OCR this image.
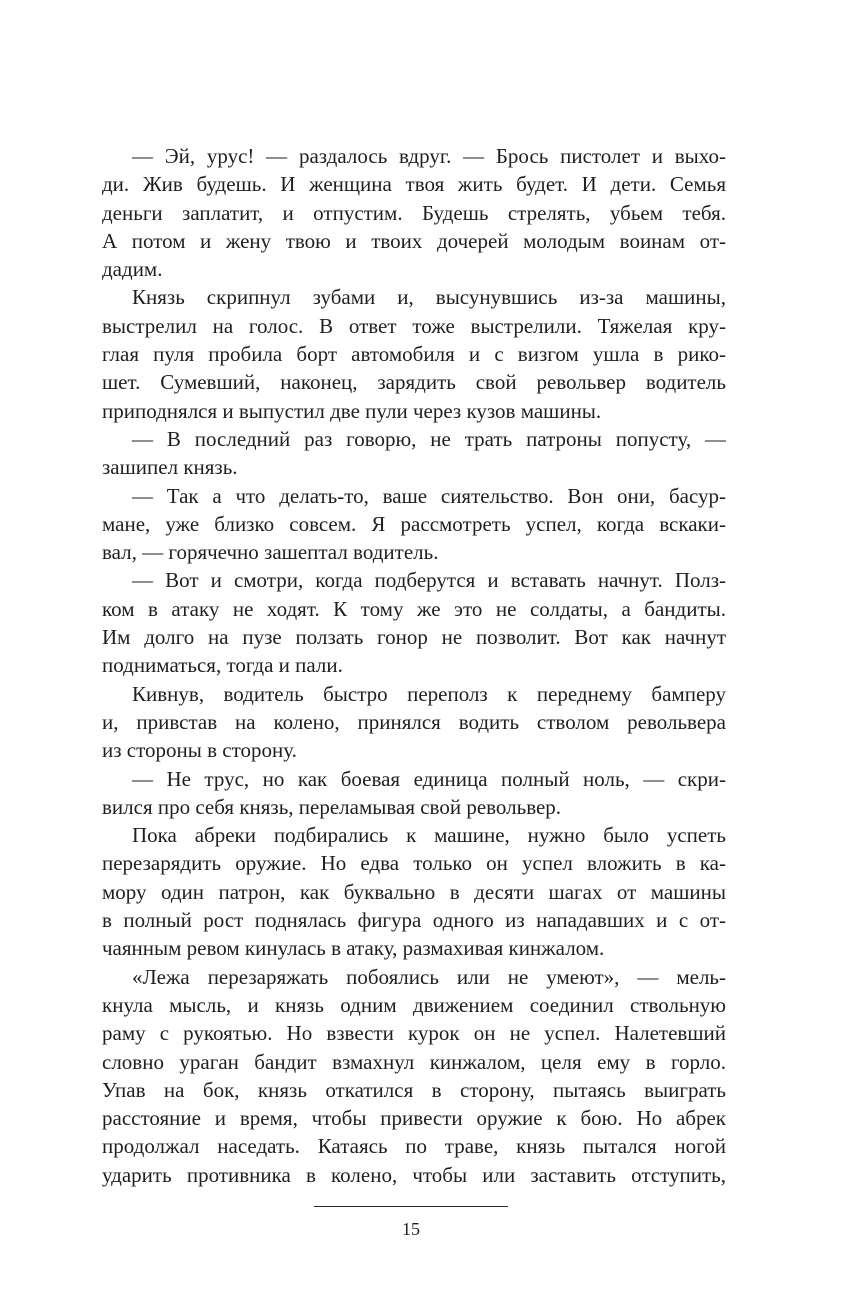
— Эй, урус! — раздалось вдруг. — Брось пистолет и выхо-
ди. Жив будешь. И женщина твоя жить будет. И дети. Семья
деньги заплатит, и отпустим. Будешь стрелять, убьем тебя.
А потом и жену твою и твоих дочерей молодым воинам от-
дадим.
Князь скрипнул зубами и, высунувшись из-за машины,
выстрелил на голос. В ответ тоже выстрелили. Тяжелая кру-
глая пуля пробила борт автомобиля и с визгом ушла в рико-
шет. Сумевший, наконец, зарядить свой револьвер водитель
приподнялся и выпустил две пули через кузов машины.
— В последний раз говорю, не трать патроны попусту, —
зашипел князь.
— Так а что делать-то, ваше сиятельство. Вон они, басур-
мане, уже близко совсем. Я рассмотреть успел, когда вскаки-
вал, — горячечно зашептал водитель.
— Вот и смотри, когда подберутся и вставать начнут. Полз-
ком в атаку не ходят. К тому же это не солдаты, а бандиты.
Им долго на пузе ползать гонор не позволит. Вот как начнут
подниматься, тогда и пали.
Кивнув, водитель быстро переполз к переднему бамперу
и, привстав на колено, принялся водить стволом револьвера
из стороны в сторону.
— Не трус, но как боевая единица полный ноль, — скри-
вился про себя князь, переламывая свой револьвер.
Пока абреки подбирались к машине, нужно было успеть
перезарядить оружие. Но едва только он успел вложить в ка-
мору один патрон, как буквально в десяти шагах от машины
в полный рост поднялась фигура одного из нападавших и с от-
чаянным ревом кинулась в атаку, размахивая кинжалом.
«Лежа перезаряжать побоялись или не умеют», — мель-
кнула мысль, и князь одним движением соединил ствольную
раму с рукоятью. Но взвести курок он не успел. Налетевший
словно ураган бандит взмахнул кинжалом, целя ему в горло.
Упав на бок, князь откатился в сторону, пытаясь выиграть
расстояние и время, чтобы привести оружие к бою. Но абрек
продолжал наседать. Катаясь по траве, князь пытался ногой
ударить противника в колено, чтобы или заставить отступить,
15
